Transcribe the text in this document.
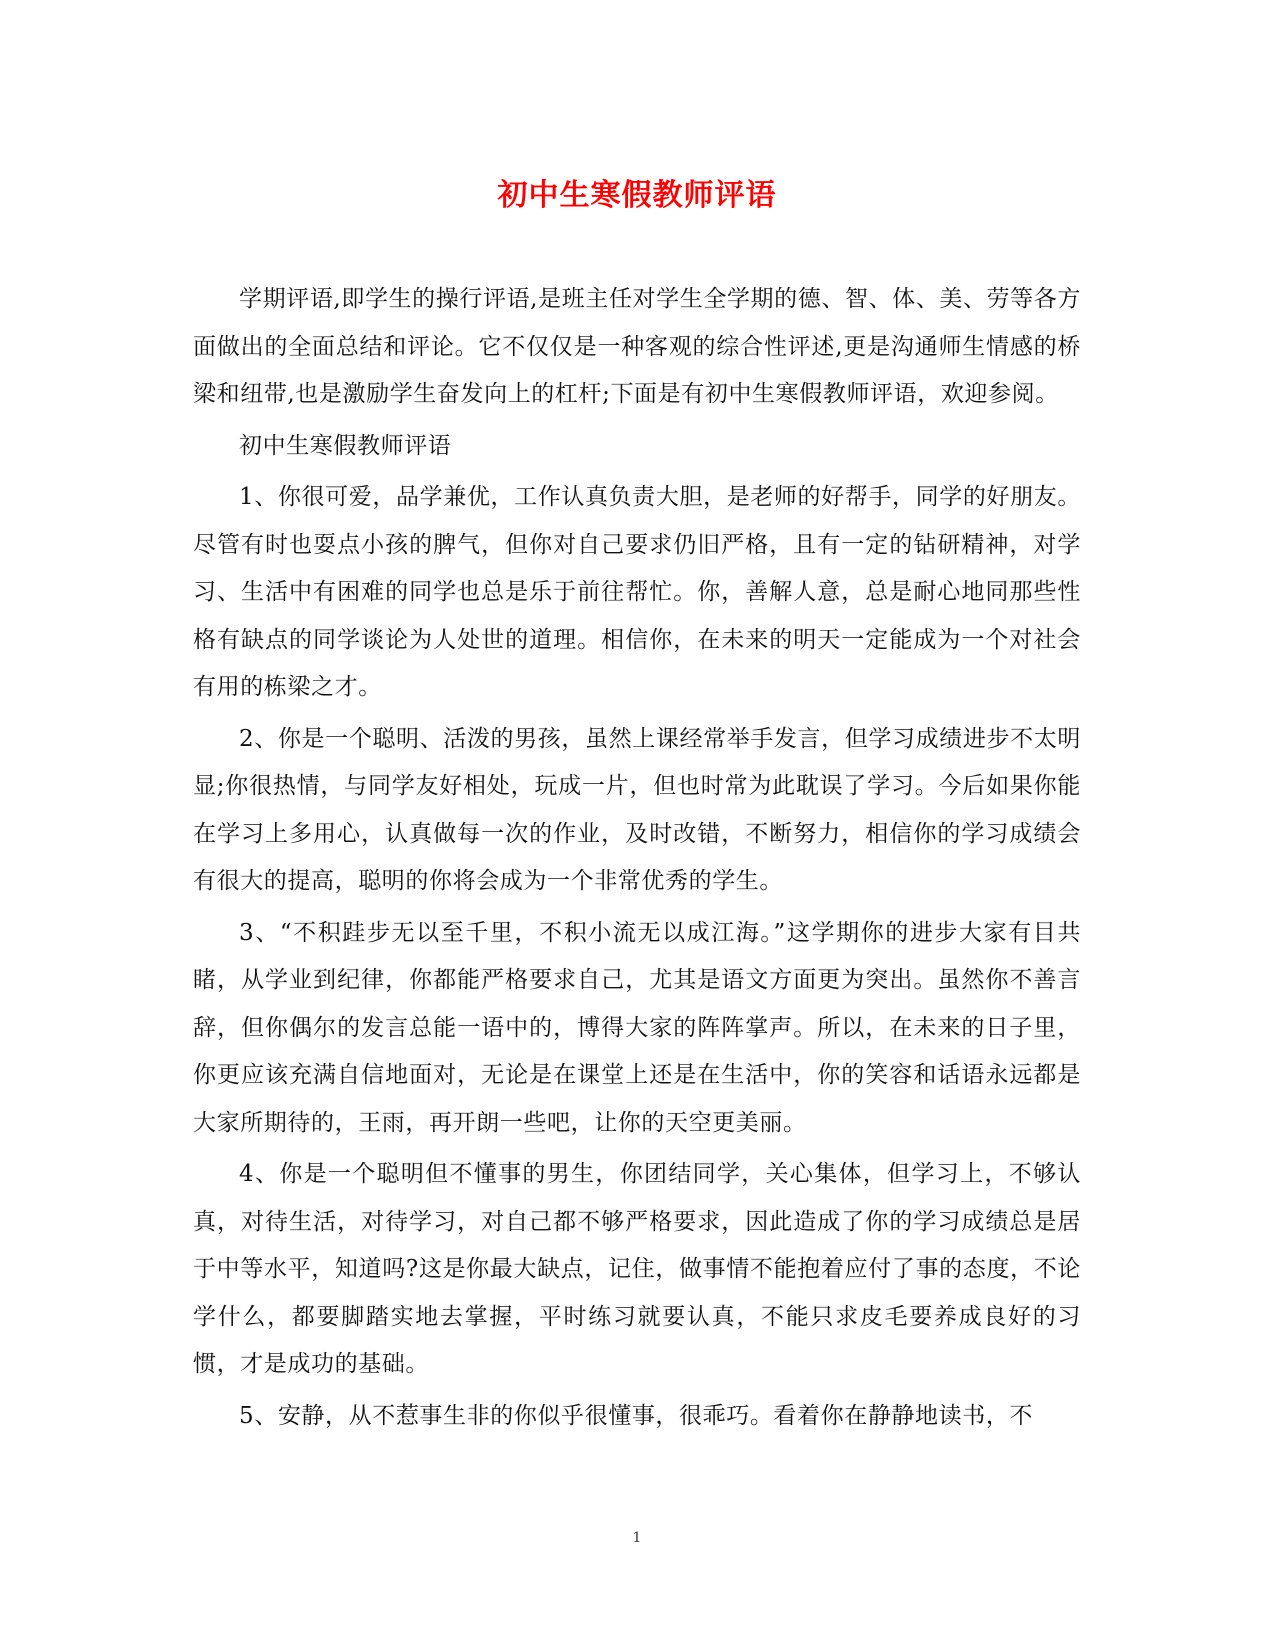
初中生寒假教师评语

学期评语,即学生的操行评语,是班主任对学生全学期的德、智、体、美、劳等各方面做出的全面总结和评论。它不仅仅是一种客观的综合性评述,更是沟通师生情感的桥梁和纽带,也是激励学生奋发向上的杠杆;下面是有初中生寒假教师评语，欢迎参阅。

初中生寒假教师评语

1、你很可爱，品学兼优，工作认真负责大胆，是老师的好帮手，同学的好朋友。尽管有时也耍点小孩的脾气，但你对自己要求仍旧严格，且有一定的钻研精神，对学习、生活中有困难的同学也总是乐于前往帮忙。你，善解人意，总是耐心地同那些性格有缺点的同学谈论为人处世的道理。相信你，在未来的明天一定能成为一个对社会有用的栋梁之才。

2、你是一个聪明、活泼的男孩，虽然上课经常举手发言，但学习成绩进步不太明显;你很热情，与同学友好相处，玩成一片，但也时常为此耽误了学习。今后如果你能在学习上多用心，认真做每一次的作业，及时改错，不断努力，相信你的学习成绩会有很大的提高，聪明的你将会成为一个非常优秀的学生。

3、“不积跬步无以至千里，不积小流无以成江海。”这学期你的进步大家有目共睹，从学业到纪律，你都能严格要求自己，尤其是语文方面更为突出。虽然你不善言辞，但你偶尔的发言总能一语中的，博得大家的阵阵掌声。所以，在未来的日子里，你更应该充满自信地面对，无论是在课堂上还是在生活中，你的笑容和话语永远都是大家所期待的，王雨，再开朗一些吧，让你的天空更美丽。

4、你是一个聪明但不懂事的男生，你团结同学，关心集体，但学习上，不够认真，对待生活，对待学习，对自己都不够严格要求，因此造成了你的学习成绩总是居于中等水平，知道吗?这是你最大缺点，记住，做事情不能抱着应付了事的态度，不论学什么，都要脚踏实地去掌握，平时练习就要认真，不能只求皮毛要养成良好的习惯，才是成功的基础。

5、安静，从不惹事生非的你似乎很懂事，很乖巧。看着你在静静地读书，不

1
